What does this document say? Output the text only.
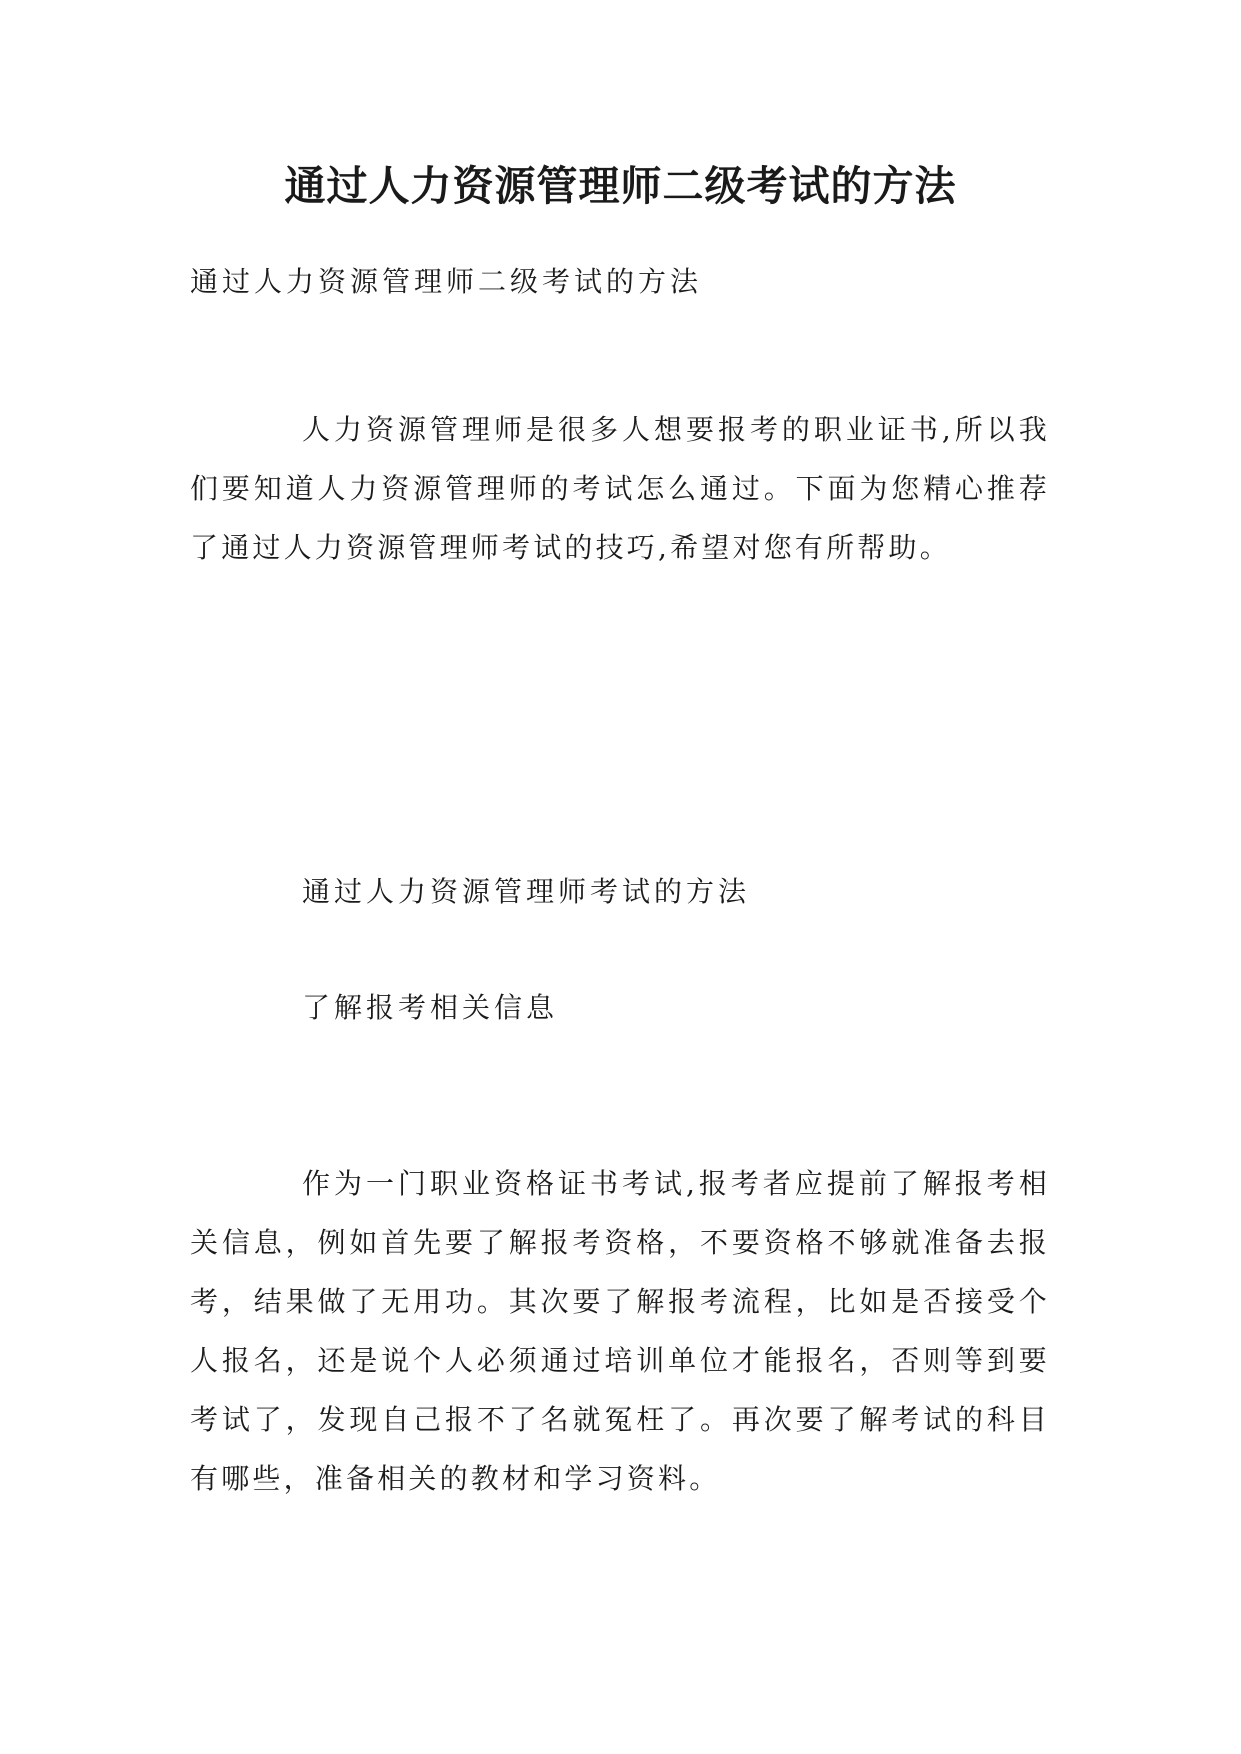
通过人力资源管理师二级考试的方法

通过人力资源管理师二级考试的方法

人力资源管理师是很多人想要报考的职业证书,所以我们要知道人力资源管理师的考试怎么通过。下面为您精心推荐了通过人力资源管理师考试的技巧,希望对您有所帮助。

通过人力资源管理师考试的方法

了解报考相关信息

作为一门职业资格证书考试,报考者应提前了解报考相关信息，例如首先要了解报考资格，不要资格不够就准备去报考，结果做了无用功。其次要了解报考流程，比如是否接受个人报名，还是说个人必须通过培训单位才能报名，否则等到要考试了，发现自己报不了名就冤枉了。再次要了解考试的科目有哪些，准备相关的教材和学习资料。
